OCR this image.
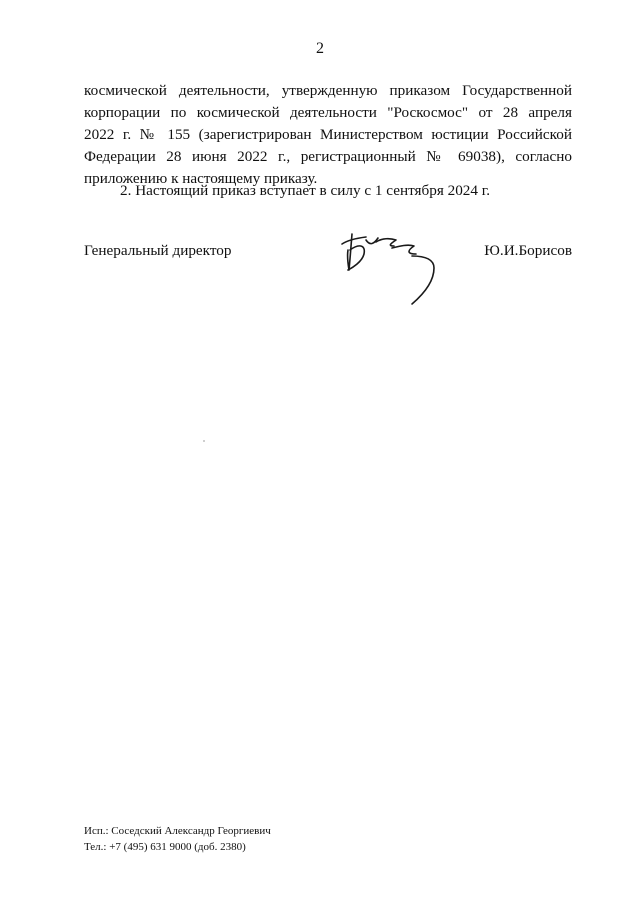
2
космической деятельности, утвержденную приказом Государственной
корпорации по космической деятельности "Роскосмос" от 28 апреля
2022 г. № 155 (зарегистрирован Министерством юстиции Российской
Федерации 28 июня 2022 г., регистрационный № 69038), согласно
приложению к настоящему приказу.

2. Настоящий приказ вступает в силу с 1 сентября 2024 г.

Генеральный директор	Ю.И.Борисов
Исп.: Соседский Александр Георгиевич
Тел.: +7 (495) 631 9000 (доб. 2380)
